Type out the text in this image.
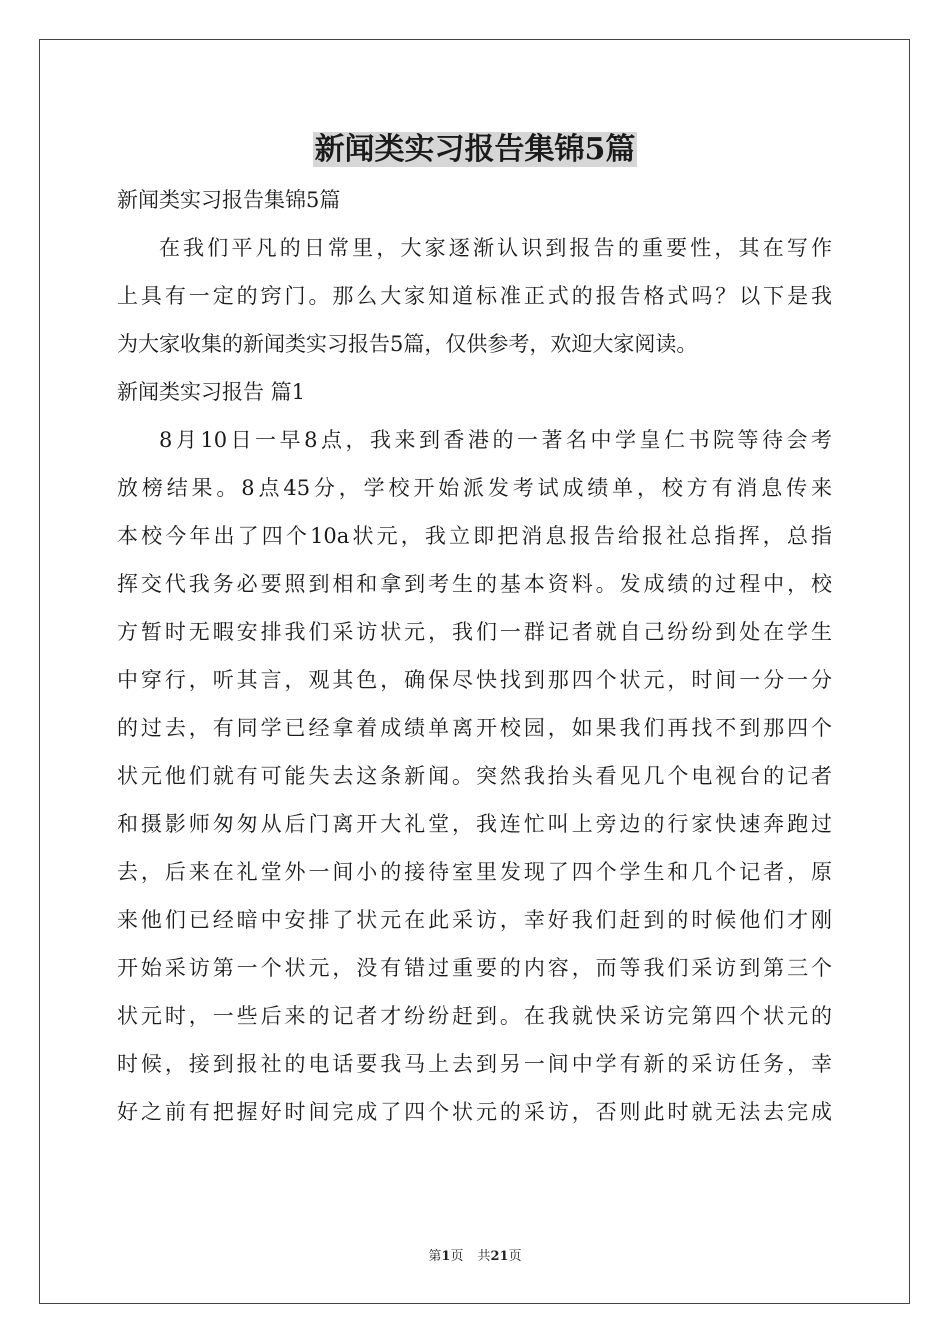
新闻类实习报告集锦5篇
新闻类实习报告集锦5篇
在我们平凡的日常里，大家逐渐认识到报告的重要性，其在写作
上具有一定的窍门。那么大家知道标准正式的报告格式吗？以下是我
为大家收集的新闻类实习报告5篇，仅供参考，欢迎大家阅读。
新闻类实习报告 篇1
8月10日一早8点，我来到香港的一著名中学皇仁书院等待会考
放榜结果。8点45分，学校开始派发考试成绩单，校方有消息传来
本校今年出了四个10a状元，我立即把消息报告给报社总指挥，总指
挥交代我务必要照到相和拿到考生的基本资料。发成绩的过程中，校
方暂时无暇安排我们采访状元，我们一群记者就自己纷纷到处在学生
中穿行，听其言，观其色，确保尽快找到那四个状元，时间一分一分
的过去，有同学已经拿着成绩单离开校园，如果我们再找不到那四个
状元他们就有可能失去这条新闻。突然我抬头看见几个电视台的记者
和摄影师匆匆从后门离开大礼堂，我连忙叫上旁边的行家快速奔跑过
去，后来在礼堂外一间小的接待室里发现了四个学生和几个记者，原
来他们已经暗中安排了状元在此采访，幸好我们赶到的时候他们才刚
开始采访第一个状元，没有错过重要的内容，而等我们采访到第三个
状元时，一些后来的记者才纷纷赶到。在我就快采访完第四个状元的
时候，接到报社的电话要我马上去到另一间中学有新的采访任务，幸
好之前有把握好时间完成了四个状元的采访，否则此时就无法去完成
第1页 共21页
